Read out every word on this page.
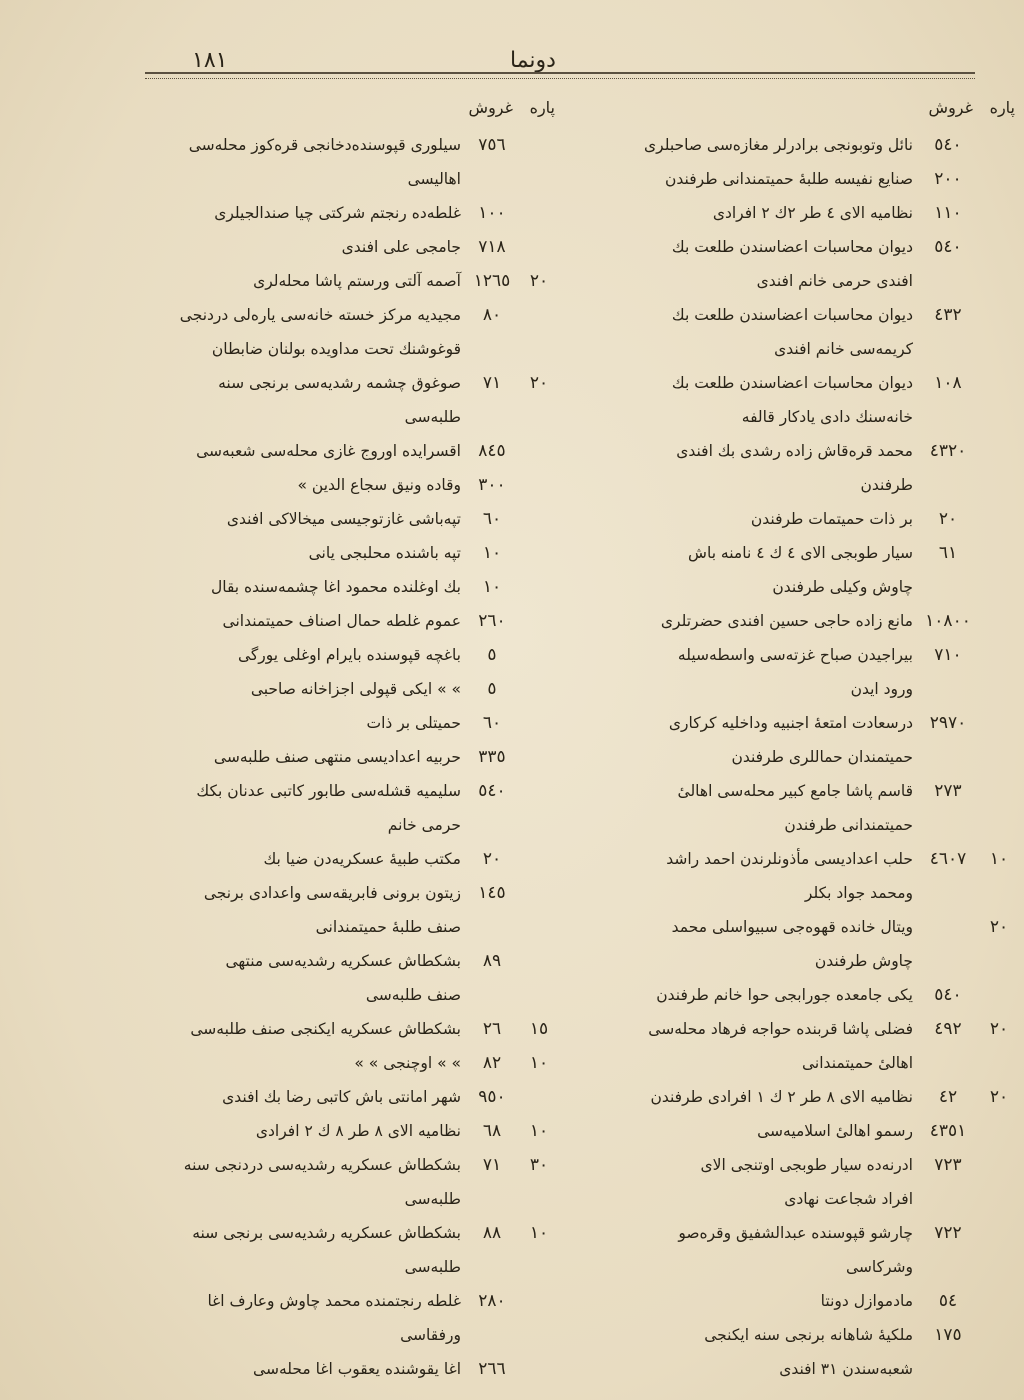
١٨١	دونما
پاره
غروش
٥٤٠
نائل وتوبونجى برادرلر مغازەسى صاحبلرى
٢٠٠
صنايع نفيسه طلبهٔ حميتمندانى طرفندن
١١٠
نظاميه الاى ٤ طر ٢ك ٢ افرادى
٥٤٠
ديوان محاسبات اعضاسندن طلعت بك
افندى حرمى خانم افندى
٤٣٢
ديوان محاسبات اعضاسندن طلعت بك
كريمەسى خانم افندى
١٠٨
ديوان محاسبات اعضاسندن طلعت بك
خانەسنك دادى يادكار قالفه
٤٣٢٠
محمد قرەقاش زاده رشدى بك افندى
طرفندن
٢٠
بر ذات حميتمات طرفندن
٦١
سيار طوبجى الاى ٤ ك ٤ نامنه باش
چاوش وكيلى طرفندن
١٠٨٠٠
مانع زاده حاجى حسين افندى حضرتلرى
٧١٠
بيراجيدن صباح غزتەسى واسطەسيله
ورود ايدن
٢٩٧٠
درسعادت امتعهٔ اجنبيه وداخليه كركارى
حميتمندان حماللرى طرفندن
٢٧٣
قاسم پاشا جامع كبير محلەسى اهالىٔ
حميتمندانى طرفندن
١٠
٤٦٠٧
حلب اعداديسى مأذونلرندن احمد راشد
ومحمد جواد بكلر
٢٠
ويتال خانده قهوەجى سبيواسلى محمد
چاوش طرفندن
٥٤٠
يكى جامعده جورابجى حوا خانم طرفندن
٢٠
٤٩٢
فضلى پاشا قربنده حواجه فرهاد محلەسى
اهالىٔ حميتمندانى
٢٠
٤٢
نظاميه الاى ٨ طر ٢ ك ١ افرادى طرفندن
٤٣٥١
رسمو اهالىٔ اسلاميەسى
٧٢٣
ادرنەده سيار طوبجى اوتنجى الاى
افراد شجاعت نهادى
٧٢٢
چارشو قپوسنده عبدالشفيق وقرەصو
وشركاسى
٥٤
مادموازل دونتا
١٧٥
ملكيهٔ شاهانه برنجى سنه ايكنجى
شعبەسندن ٣١ افندى
پاره
غروش
٧٥٦
سيلورى قپوسندەدخانجى قرەكوز محلەسى
اهاليسى
١٠٠
غلطەده رنجتم شركتى چيا صندالجيلرى
٧١٨
جامجى على افندى
٢٠
١٢٦٥
آصمه آلتى ورستم پاشا محلەلرى
٨٠
مجيديه مركز خسته خانەسى يارەلى دردنجى
قوغوشنك تحت مداويده بولنان ضابطان
٢٠
٧١
صوغوق چشمه رشديەسى برنجى سنه
طلبەسى
٨٤٥
اقسرايده اوروج غازى محلەسى شعبەسى
٣٠٠
وقاده ونيق سجاع الدين »
٦٠
تپەباشى غازتوجيسى ميخالاكى افندى
١٠
تپه باشنده محلبجى يانى
١٠
بك اوغلنده محمود اغا چشمەسنده بقال
٢٦٠
عموم غلطه حمال اصناف حميتمندانى
٥
باغچه قپوسنده بايرام اوغلى يورگى
٥
» » ايكى قپولى اجزاخانه صاحبى
٦٠
حميتلى بر ذات
٣٣٥
حربيه اعداديسى منتهى صنف طلبەسى
٥٤٠
سليميه قشلەسى طابور كاتبى عدنان بكك
حرمى خانم
٢٠
مكتب طبيهٔ عسكريەدن ضيا بك
١٤٥
زيتون برونى فابريقەسى واعدادى برنجى
صنف طلبهٔ حميتمندانى
٨٩
بشكطاش عسكريه رشديەسى منتهى
صنف طلبەسى
١٥
٢٦
بشكطاش عسكريه ايكنجى صنف طلبەسى
١٠
٨٢
» » اوچنجى » »
٩٥٠
شهر امانتى باش كاتبى رضا بك افندى
١٠
٦٨
نظاميه الاى ٨ طر ٨ ك ٢ افرادى
٣٠
٧١
بشكطاش عسكريه رشديەسى دردنجى سنه
طلبەسى
١٠
٨٨
بشكطاش عسكريه رشديەسى برنجى سنه
طلبەسى
٢٨٠
غلطه رنجتمنده محمد چاوش وعارف اغا
ورفقاسى
٢٦٦
اغا يقوشنده يعقوب اغا محلەسى
